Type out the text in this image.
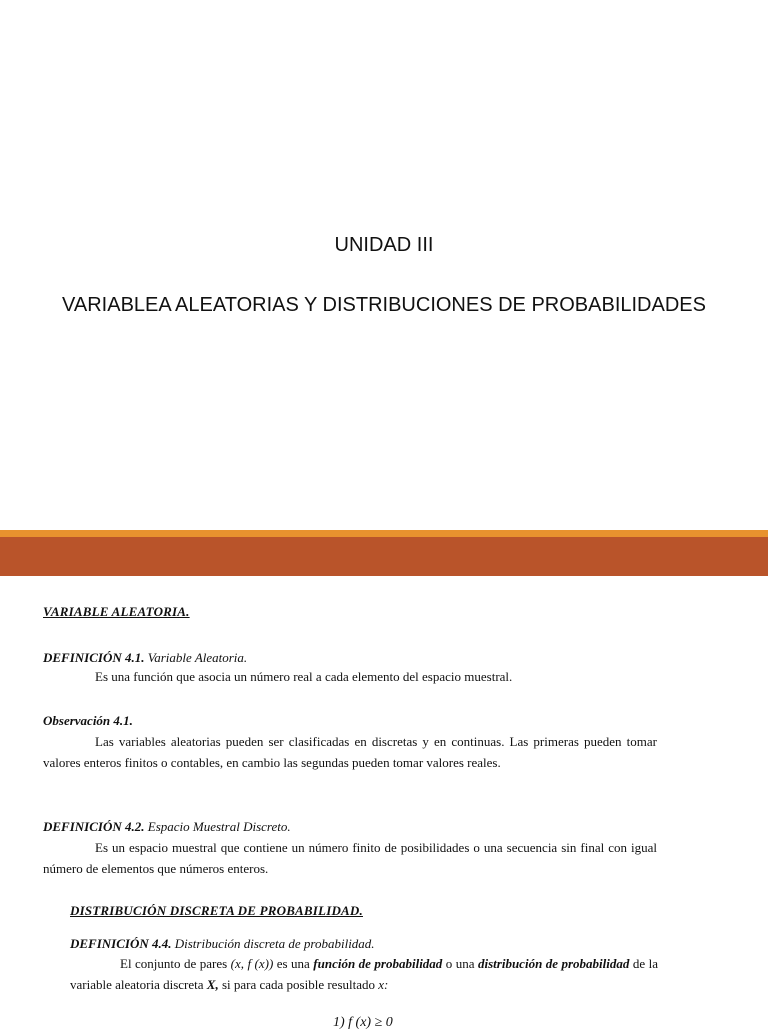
UNIDAD III
VARIABLEA ALEATORIAS Y DISTRIBUCIONES DE PROBABILIDADES
VARIABLE ALEATORIA.
DEFINICIÓN 4.1. Variable Aleatoria.
Es una función que asocia un número real a cada elemento del espacio muestral.
Observación 4.1.
Las variables aleatorias pueden ser clasificadas en discretas y en continuas. Las primeras pueden tomar valores enteros finitos o contables, en cambio las segundas pueden tomar valores reales.
DEFINICIÓN 4.2. Espacio Muestral Discreto.
Es un espacio muestral que contiene un número finito de posibilidades o una secuencia sin final con igual número de elementos que números enteros.
DISTRIBUCIÓN DISCRETA DE PROBABILIDAD.
DEFINICIÓN 4.4. Distribución discreta de probabilidad.
El conjunto de pares (x, f (x)) es una función de probabilidad o una distribución de probabilidad de la variable aleatoria discreta X, si para cada posible resultado x:
1) f (x) ≥ 0
